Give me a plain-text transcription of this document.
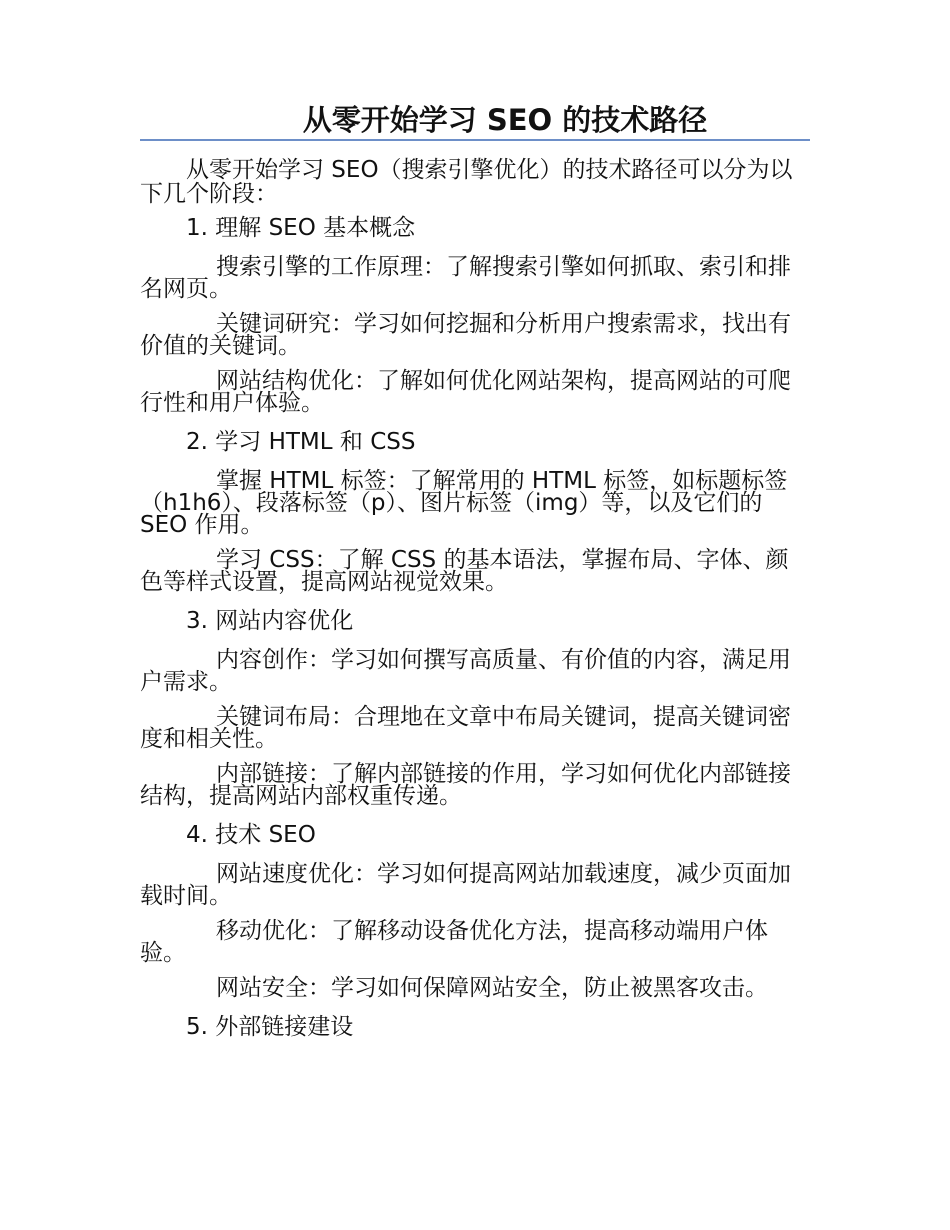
从零开始学习 SEO 的技术路径

从零开始学习 SEO（搜索引擎优化）的技术路径可以分为以下几个阶段：

1. 理解 SEO 基本概念

搜索引擎的工作原理：了解搜索引擎如何抓取、索引和排名网页。

关键词研究：学习如何挖掘和分析用户搜索需求，找出有价值的关键词。

网站结构优化：了解如何优化网站架构，提高网站的可爬行性和用户体验。

2. 学习 HTML 和 CSS

掌握 HTML 标签：了解常用的 HTML 标签，如标题标签（h1h6）、段落标签（p）、图片标签（img）等，以及它们的 SEO 作用。

学习 CSS：了解 CSS 的基本语法，掌握布局、字体、颜色等样式设置，提高网站视觉效果。

3. 网站内容优化

内容创作：学习如何撰写高质量、有价值的内容，满足用户需求。

关键词布局：合理地在文章中布局关键词，提高关键词密度和相关性。

内部链接：了解内部链接的作用，学习如何优化内部链接结构，提高网站内部权重传递。

4. 技术 SEO

网站速度优化：学习如何提高网站加载速度，减少页面加载时间。

移动优化：了解移动设备优化方法，提高移动端用户体验。

网站安全：学习如何保障网站安全，防止被黑客攻击。

5. 外部链接建设
